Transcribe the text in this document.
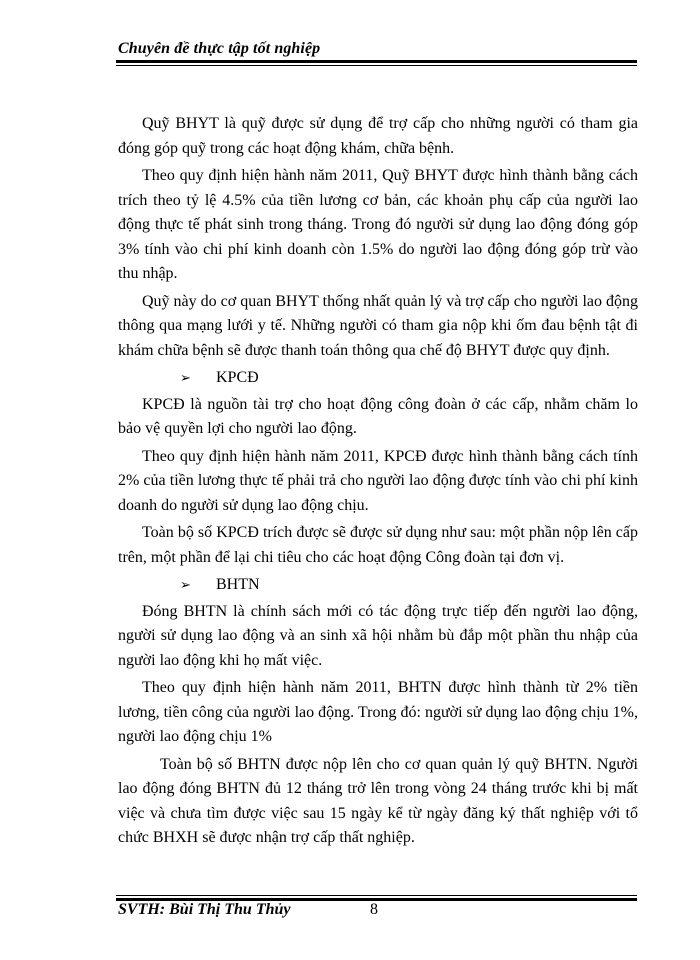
Chuyên đề thực tập tốt nghiệp

Quỹ BHYT là quỹ được sử dụng để trợ cấp cho những người có tham gia đóng góp quỹ trong các hoạt động khám, chữa bệnh.

Theo quy định hiện hành năm 2011, Quỹ BHYT được hình thành bằng cách trích theo tỷ lệ 4.5% của tiền lương cơ bản, các khoản phụ cấp của người lao động thực tế phát sinh trong tháng. Trong đó người sử dụng lao động đóng góp 3% tính vào chi phí kinh doanh còn 1.5% do người lao động đóng góp trừ vào thu nhập.

Quỹ này do cơ quan BHYT thống nhất quản lý và trợ cấp cho người lao động thông qua mạng lưới y tế. Những người có tham gia nộp khi ốm đau bệnh tật đi khám chữa bệnh sẽ được thanh toán thông qua chế độ BHYT được quy định.

➢	KPCĐ

KPCĐ là nguồn tài trợ cho hoạt động công đoàn ở các cấp, nhằm chăm lo bảo vệ quyền lợi cho người lao động.

Theo quy định hiện hành năm 2011, KPCĐ được hình thành bằng cách tính 2% của tiền lương thực tế phải trả cho người lao động được tính vào chi phí kinh doanh do người sử dụng lao động chịu.

Toàn bộ số KPCĐ trích được sẽ được sử dụng như sau: một phần nộp lên cấp trên, một phần để lại chi tiêu cho các hoạt động Công đoàn tại đơn vị.

➢	BHTN

Đóng BHTN là chính sách mới có tác động trực tiếp đến người lao động, người sử dụng lao động và an sinh xã hội nhằm bù đắp một phần thu nhập của người lao động khi họ mất việc.

Theo quy định hiện hành năm 2011, BHTN được hình thành từ 2% tiền lương, tiền công của người lao động. Trong đó: người sử dụng lao động chịu 1%, người lao động chịu 1%

Toàn bộ số BHTN được nộp lên cho cơ quan quản lý quỹ BHTN. Người lao động đóng BHTN đủ 12 tháng trở lên trong vòng 24 tháng trước khi bị mất việc và chưa tìm được việc sau 15 ngày kể từ ngày đăng ký thất nghiệp với tổ chức BHXH sẽ được nhận trợ cấp thất nghiệp.

SVTH: Bùi Thị Thu Thủy	8
